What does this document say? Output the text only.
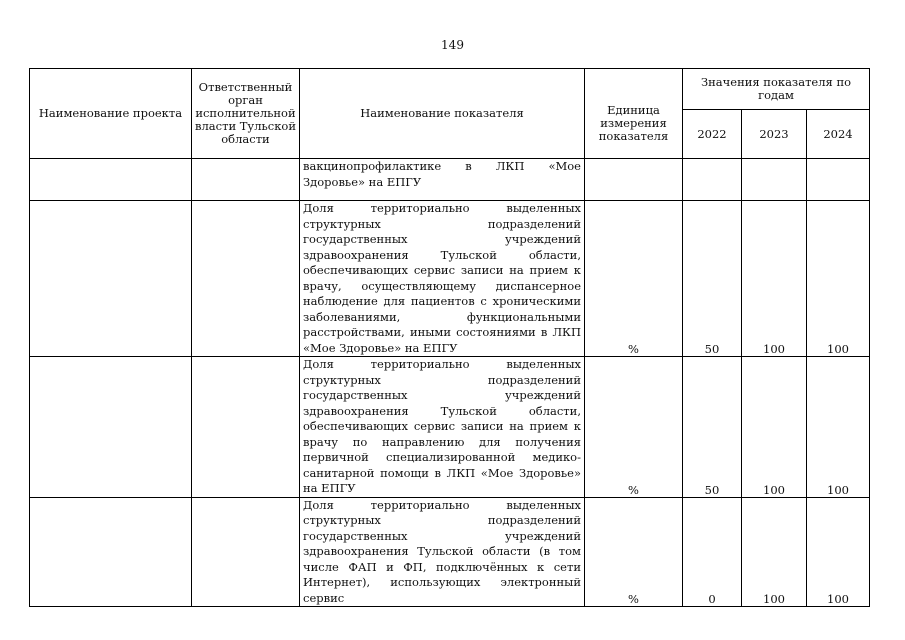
149
Наименование проекта	Ответственный орган исполнительной власти Тульской области	Наименование показателя	Единица измерения показателя	Значения показателя по годам		
				2022	2023	2024
		вакцинопрофилактике в ЛКП «Мое Здоровье» на ЕПГУ				
		Доля территориально выделенных структурных подразделений государственных учреждений здравоохранения Тульской области, обеспечивающих сервис записи на прием к врачу, осуществляющему диспансерное наблюдение для пациентов с хроническими заболеваниями, функциональными расстройствами, иными состояниями в ЛКП «Мое Здоровье» на ЕПГУ	%	50	100	100
		Доля территориально выделенных структурных подразделений государственных учреждений здравоохранения Тульской области, обеспечивающих сервис записи на прием к врачу по направлению для получения первичной специализированной медико-санитарной помощи в ЛКП «Мое Здоровье» на ЕПГУ	%	50	100	100
		Доля территориально выделенных структурных подразделений государственных учреждений здравоохранения Тульской области (в том числе ФАП и ФП, подключённых к сети Интернет), использующих электронный сервис	%	0	100	100
